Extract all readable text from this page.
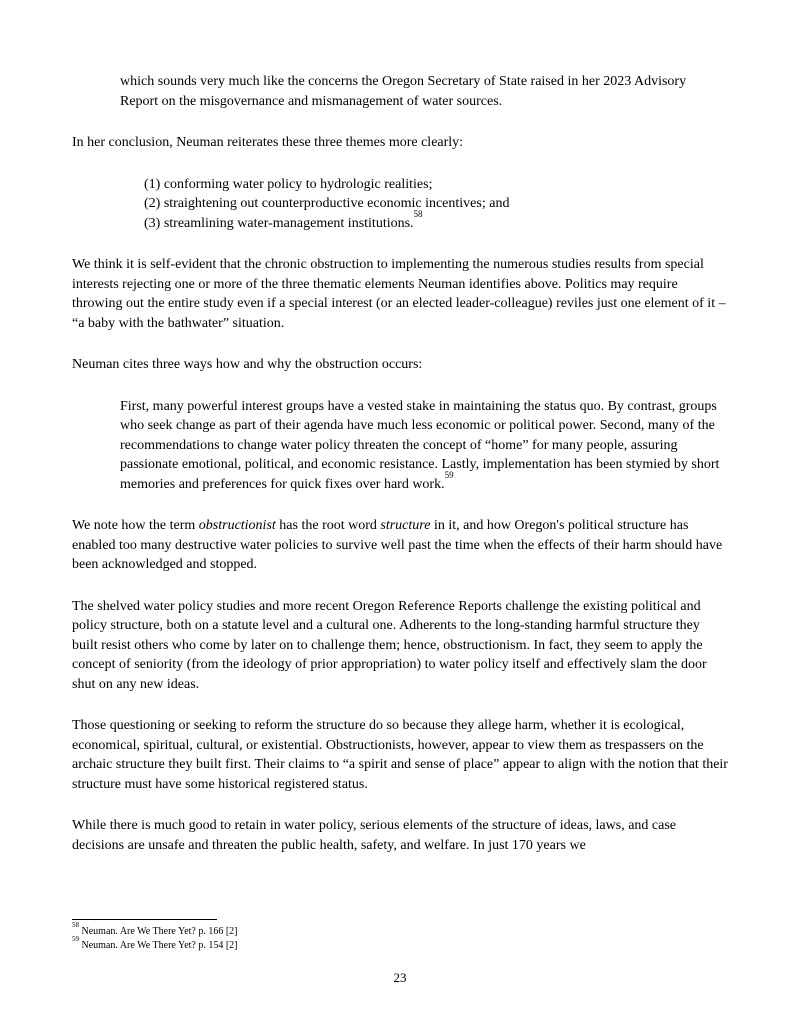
which sounds very much like the concerns the Oregon Secretary of State raised in her 2023 Advisory Report on the misgovernance and mismanagement of water sources.

In her conclusion, Neuman reiterates these three themes more clearly:

(1) conforming water policy to hydrologic realities;
(2) straightening out counterproductive economic incentives; and
(3) streamlining water-management institutions.$^{58}$

We think it is self-evident that the chronic obstruction to implementing the numerous studies results from special interests rejecting one or more of the three thematic elements Neuman identifies above. Politics may require throwing out the entire study even if a special interest (or an elected leader-colleague) reviles just one element of it – “a baby with the bathwater” situation.

Neuman cites three ways how and why the obstruction occurs:

First, many powerful interest groups have a vested stake in maintaining the status quo. By contrast, groups who seek change as part of their agenda have much less economic or political power. Second, many of the recommendations to change water policy threaten the concept of “home” for many people, assuring passionate emotional, political, and economic resistance. Lastly, implementation has been stymied by short memories and preferences for quick fixes over hard work.$^{59}$

We note how the term obstructionist has the root word structure in it, and how Oregon's political structure has enabled too many destructive water policies to survive well past the time when the effects of their harm should have been acknowledged and stopped.

The shelved water policy studies and more recent Oregon Reference Reports challenge the existing political and policy structure, both on a statute level and a cultural one. Adherents to the long-standing harmful structure they built resist others who come by later on to challenge them; hence, obstructionism. In fact, they seem to apply the concept of seniority (from the ideology of prior appropriation) to water policy itself and effectively slam the door shut on any new ideas.

Those questioning or seeking to reform the structure do so because they allege harm, whether it is ecological, economical, spiritual, cultural, or existential. Obstructionists, however, appear to view them as trespassers on the archaic structure they built first. Their claims to “a spirit and sense of place” appear to align with the notion that their structure must have some historical registered status.

While there is much good to retain in water policy, serious elements of the structure of ideas, laws, and case decisions are unsafe and threaten the public health, safety, and welfare. In just 170 years we

$^{58}$ Neuman. Are We There Yet? p. 166 [2]
$^{59}$ Neuman. Are We There Yet? p. 154 [2]
23
